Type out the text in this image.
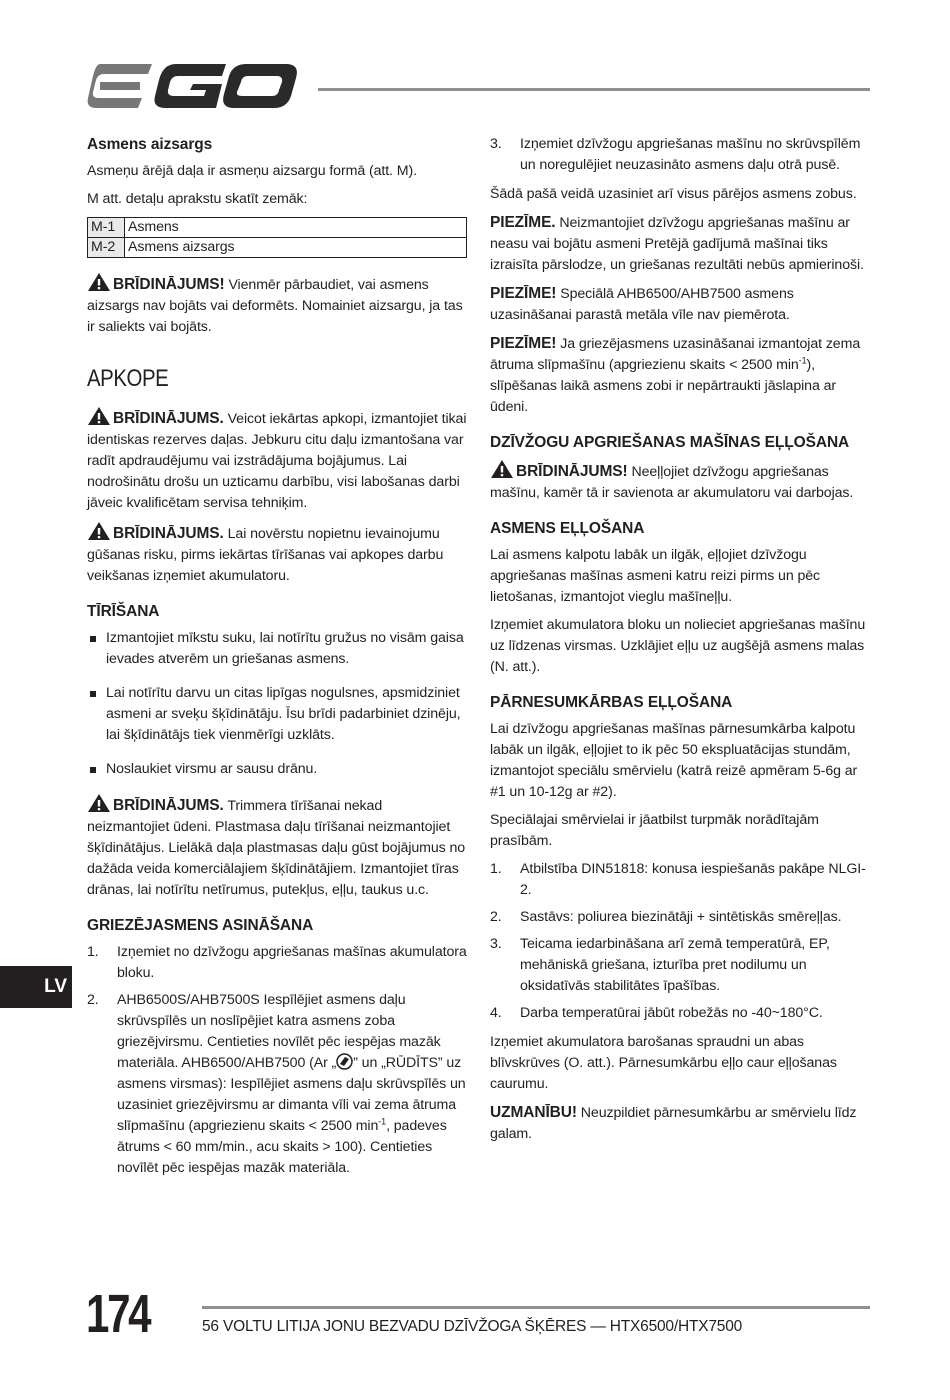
Asmens aizsargs

Asmeņu ārējā daļa ir asmeņu aizsargu formā (att. M).

M att. detaļu aprakstu skatīt zemāk:

M-1	Asmens
M-2	Asmens aizsargs

BRĪDINĀJUMS! Vienmēr pārbaudiet, vai asmens aizsargs nav bojāts vai deformēts. Nomainiet aizsargu, ja tas ir saliekts vai bojāts.

APKOPE

BRĪDINĀJUMS. Veicot iekārtas apkopi, izmantojiet tikai identiskas rezerves daļas. Jebkuru citu daļu izmantošana var radīt apdraudējumu vai izstrādājuma bojājumus. Lai nodrošinātu drošu un uzticamu darbību, visi labošanas darbi jāveic kvalificētam servisa tehniķim.

BRĪDINĀJUMS. Lai novērstu nopietnu ievainojumu gūšanas risku, pirms iekārtas tīrīšanas vai apkopes darbu veikšanas izņemiet akumulatoru.

TĪRĪŠANA
Izmantojiet mīkstu suku, lai notīrītu gružus no visām gaisa ievades atverēm un griešanas asmens.
Lai notīrītu darvu un citas lipīgas nogulsnes, apsmidziniet asmeni ar sveķu šķīdinātāju. Īsu brīdi padarbiniet dzinēju, lai šķīdinātājs tiek vienmērīgi uzklāts.
Noslaukiet virsmu ar sausu drānu.

BRĪDINĀJUMS. Trimmera tīrīšanai nekad neizmantojiet ūdeni. Plastmasa daļu tīrīšanai neizmantojiet šķīdinātājus. Lielākā daļa plastmasas daļu gūst bojājumus no dažāda veida komerciālajiem šķīdinātājiem. Izmantojiet tīras drānas, lai notīrītu netīrumus, putekļus, eļļu, taukus u.c.

GRIEZĒJASMENS ASINĀŠANA
1. Izņemiet no dzīvžogu apgriešanas mašīnas akumulatora bloku.
2. AHB6500S/AHB7500S Iespīlējiet asmens daļu skrūvspīlēs un noslīpējiet katra asmens zoba griezējvirsmu. Centieties novīlēt pēc iespējas mazāk materiāla. AHB6500/AHB7500 (Ar „ ” un „RŪDĪTS” uz asmens virsmas): Iespīlējiet asmens daļu skrūvspīlēs un uzasiniet griezējvirsmu ar dimanta vīli vai zema ātruma slīpmašīnu (apgriezienu skaits < 2500 $\min^{-1}$, padeves ātrums < 60 mm/min., acu skaits > 100). Centieties novīlēt pēc iespējas mazāk materiāla.
3. Izņemiet dzīvžogu apgriešanas mašīnu no skrūvspīlēm un noregulējiet neuzasināto asmens daļu otrā pusē.

Šādā pašā veidā uzasiniet arī visus pārējos asmens zobus.

PIEZĪME. Neizmantojiet dzīvžogu apgriešanas mašīnu ar neasu vai bojātu asmeni Pretējā gadījumā mašīnai tiks izraisīta pārslodze, un griešanas rezultāti nebūs apmierinoši.

PIEZĪME! Speciālā AHB6500/AHB7500 asmens uzasināšanai parastā metāla vīle nav piemērota.

PIEZĪME! Ja griezējasmens uzasināšanai izmantojat zema ātruma slīpmašīnu (apgriezienu skaits < 2500 $\min^{-1}$), slīpēšanas laikā asmens zobi ir nepārtraukti jāslapina ar ūdeni.

DZĪVŽOGU APGRIEŠANAS MAŠĪNAS EĻĻOŠANA

BRĪDINĀJUMS! Neeļļojiet dzīvžogu apgriešanas mašīnu, kamēr tā ir savienota ar akumulatoru vai darbojas.

ASMENS EĻĻOŠANA

Lai asmens kalpotu labāk un ilgāk, eļļojiet dzīvžogu apgriešanas mašīnas asmeni katru reizi pirms un pēc lietošanas, izmantojot vieglu mašīneļļu.

Izņemiet akumulatora bloku un nolieciet apgriešanas mašīnu uz līdzenas virsmas. Uzklājiet eļļu uz augšējā asmens malas (N. att.).

PĀRNESUMKĀRBAS EĻĻOŠANA

Lai dzīvžogu apgriešanas mašīnas pārnesumkārba kalpotu labāk un ilgāk, eļļojiet to ik pēc 50 ekspluatācijas stundām, izmantojot speciālu smērvielu (katrā reizē apmēram 5-6g ar #1 un 10-12g ar #2).

Speciālajai smērvielai ir jāatbilst turpmāk norādītajām prasībām.

1. Atbilstība DIN51818: konusa iespiešanās pakāpe NLGI-2.
2. Sastāvs: poliurea biezinātāji + sintētiskās smēreļļas.
3. Teicama iedarbināšana arī zemā temperatūrā, EP, mehāniskā griešana, izturība pret nodilumu un oksidatīvās stabilitātes īpašības.
4. Darba temperatūrai jābūt robežās no -40~180°C.

Izņemiet akumulatora barošanas spraudni un abas blīvskrūves (O. att.). Pārnesumkārbu eļļo caur eļļošanas caurumu.

UZMANĪBU! Neuzpildiet pārnesumkārbu ar smērvielu līdz galam.

LV
174	56 VOLTU LITIJA JONU BEZVADU DZĪVŽOGA ŠĶĒRES — HTX6500/HTX7500
